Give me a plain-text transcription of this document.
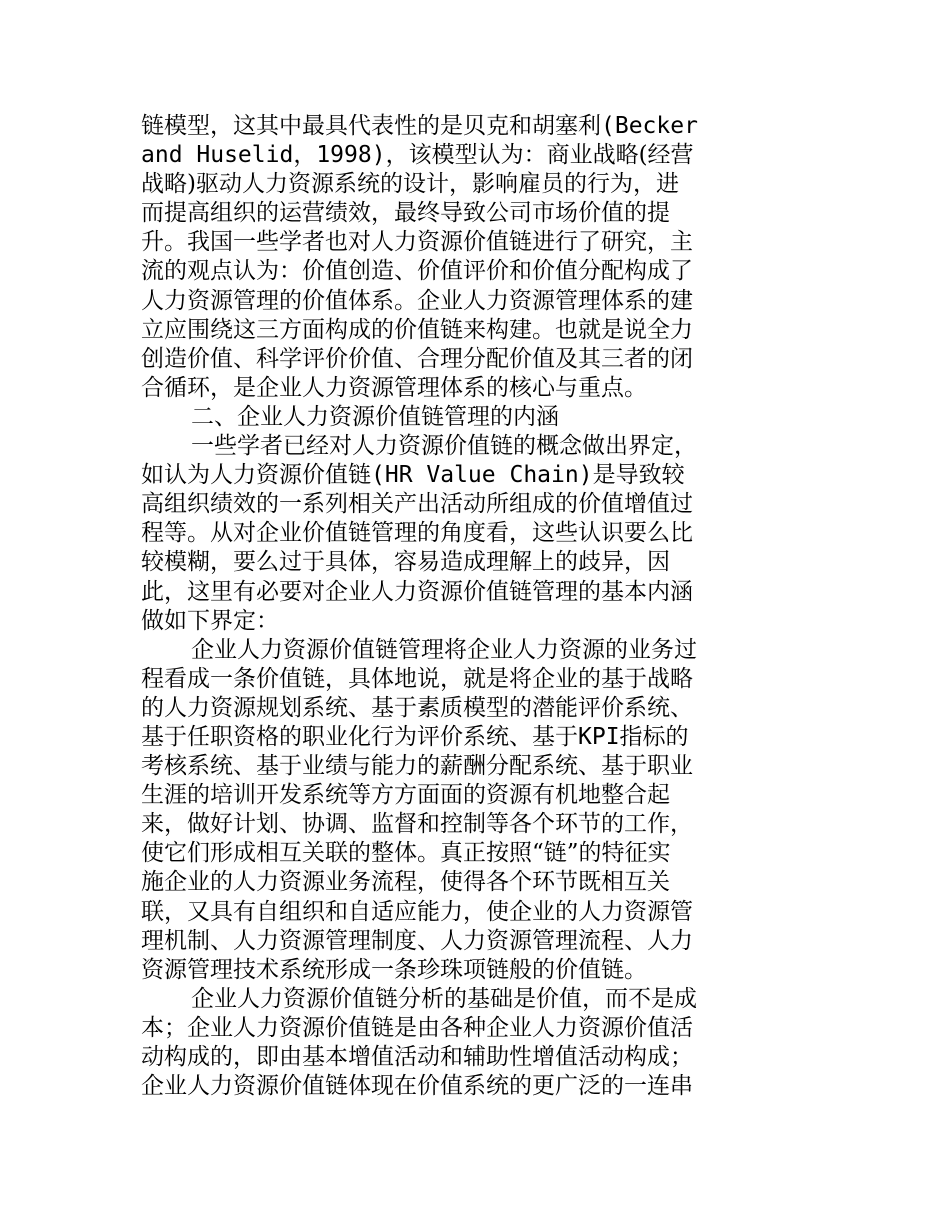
链模型，这其中最具代表性的是贝克和胡塞利(Becker
and Huselid，1998)，该模型认为：商业战略(经营
战略)驱动人力资源系统的设计，影响雇员的行为，进
而提高组织的运营绩效，最终导致公司市场价值的提
升。我国一些学者也对人力资源价值链进行了研究，主
流的观点认为：价值创造、价值评价和价值分配构成了
人力资源管理的价值体系。企业人力资源管理体系的建
立应围绕这三方面构成的价值链来构建。也就是说全力
创造价值、科学评价价值、合理分配价值及其三者的闭
合循环，是企业人力资源管理体系的核心与重点。
二、企业人力资源价值链管理的内涵
一些学者已经对人力资源价值链的概念做出界定，
如认为人力资源价值链(HR Value Chain)是导致较
高组织绩效的一系列相关产出活动所组成的价值增值过
程等。从对企业价值链管理的角度看，这些认识要么比
较模糊，要么过于具体，容易造成理解上的歧异，因
此，这里有必要对企业人力资源价值链管理的基本内涵
做如下界定：
企业人力资源价值链管理将企业人力资源的业务过
程看成一条价值链，具体地说，就是将企业的基于战略
的人力资源规划系统、基于素质模型的潜能评价系统、
基于任职资格的职业化行为评价系统、基于KPI指标的
考核系统、基于业绩与能力的薪酬分配系统、基于职业
生涯的培训开发系统等方方面面的资源有机地整合起
来，做好计划、协调、监督和控制等各个环节的工作，
使它们形成相互关联的整体。真正按照“链”的特征实
施企业的人力资源业务流程，使得各个环节既相互关
联，又具有自组织和自适应能力，使企业的人力资源管
理机制、人力资源管理制度、人力资源管理流程、人力
资源管理技术系统形成一条珍珠项链般的价值链。
企业人力资源价值链分析的基础是价值，而不是成
本；企业人力资源价值链是由各种企业人力资源价值活
动构成的，即由基本增值活动和辅助性增值活动构成；
企业人力资源价值链体现在价值系统的更广泛的一连串
